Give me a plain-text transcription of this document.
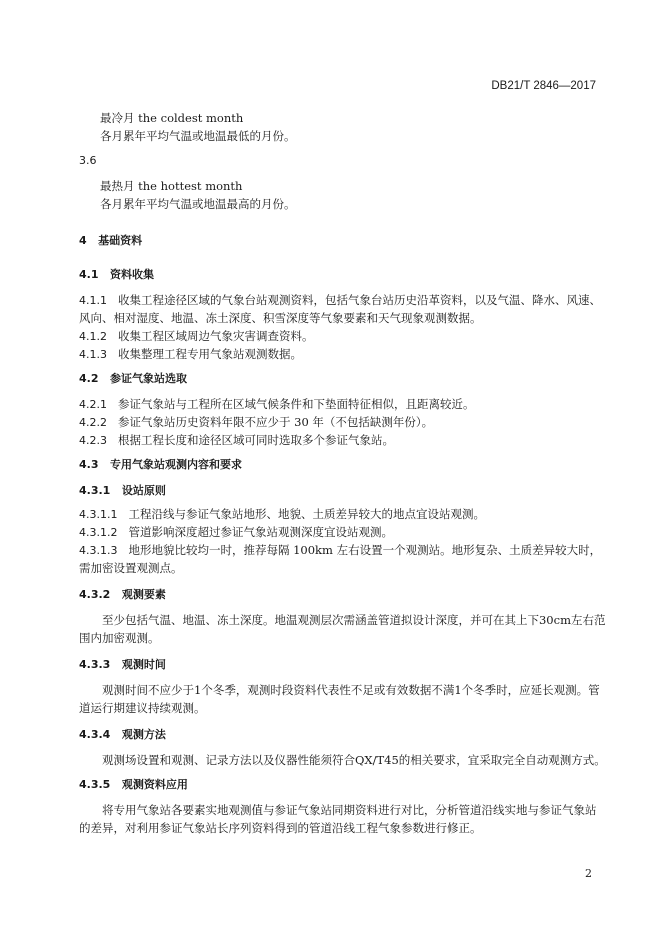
DB21/T 2846—2017
最冷月 the coldest month
各月累年平均气温或地温最低的月份。
3.6
最热月 the hottest month
各月累年平均气温或地温最高的月份。
4 基础资料
4.1 资料收集
4.1.1 收集工程途径区域的气象台站观测资料，包括气象台站历史沿革资料，以及气温、降水、风速、
风向、相对湿度、地温、冻土深度、积雪深度等气象要素和天气现象观测数据。
4.1.2 收集工程区域周边气象灾害调查资料。
4.1.3 收集整理工程专用气象站观测数据。
4.2 参证气象站选取
4.2.1 参证气象站与工程所在区域气候条件和下垫面特征相似，且距离较近。
4.2.2 参证气象站历史资料年限不应少于 30 年（不包括缺测年份）。
4.2.3 根据工程长度和途径区域可同时选取多个参证气象站。
4.3 专用气象站观测内容和要求
4.3.1 设站原则
4.3.1.1 工程沿线与参证气象站地形、地貌、土质差异较大的地点宜设站观测。
4.3.1.2 管道影响深度超过参证气象站观测深度宜设站观测。
4.3.1.3 地形地貌比较均一时，推荐每隔 100km 左右设置一个观测站。地形复杂、土质差异较大时，
需加密设置观测点。
4.3.2 观测要素
至少包括气温、地温、冻土深度。地温观测层次需涵盖管道拟设计深度，并可在其上下30cm左右范
围内加密观测。
4.3.3 观测时间
观测时间不应少于1个冬季，观测时段资料代表性不足或有效数据不满1个冬季时，应延长观测。管
道运行期建议持续观测。
4.3.4 观测方法
观测场设置和观测、记录方法以及仪器性能须符合QX/T45的相关要求，宜采取完全自动观测方式。
4.3.5 观测资料应用
将专用气象站各要素实地观测值与参证气象站同期资料进行对比，分析管道沿线实地与参证气象站
的差异，对利用参证气象站长序列资料得到的管道沿线工程气象参数进行修正。
2
